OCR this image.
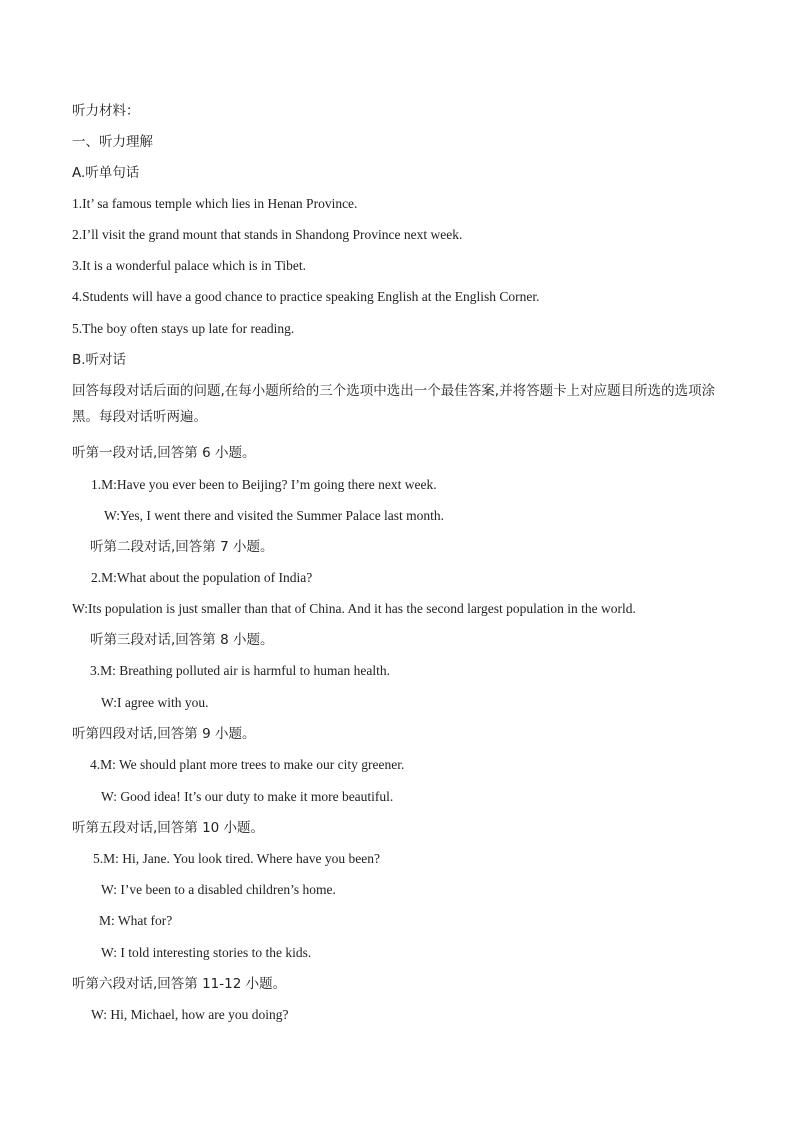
听力材料：
一、听力理解
A.听单句话
1.It’ sa famous temple which lies in Henan Province.
2.I’ll visit the grand mount that stands in Shandong Province next week.
3.It is a wonderful palace which is in Tibet.
4.Students will have a good chance to practice speaking English at the English Corner.
5.The boy often stays up late for reading.
B.听对话
回答每段对话后面的问题,在每小题所给的三个选项中选出一个最佳答案,并将答题卡上对应题目所选的选项涂黑。每段对话听两遍。
听第一段对话,回答第 6 小题。
1.M:Have you ever been to Beijing? I’m going there next week.
W:Yes, I went there and visited the Summer Palace last month.
听第二段对话,回答第 7 小题。
2.M:What about the population of India?
W:Its population is just smaller than that of China. And it has the second largest population in the world.
听第三段对话,回答第 8 小题。
3.M: Breathing polluted air is harmful to human health.
W:I agree with you.
听第四段对话,回答第 9 小题。
4.M: We should plant more trees to make our city greener.
W: Good idea! It’s our duty to make it more beautiful.
听第五段对话,回答第 10 小题。
5.M: Hi, Jane. You look tired. Where have you been?
W: I’ve been to a disabled children’s home.
M: What for?
W: I told interesting stories to the kids.
听第六段对话,回答第 11-12 小题。
W: Hi, Michael, how are you doing?
